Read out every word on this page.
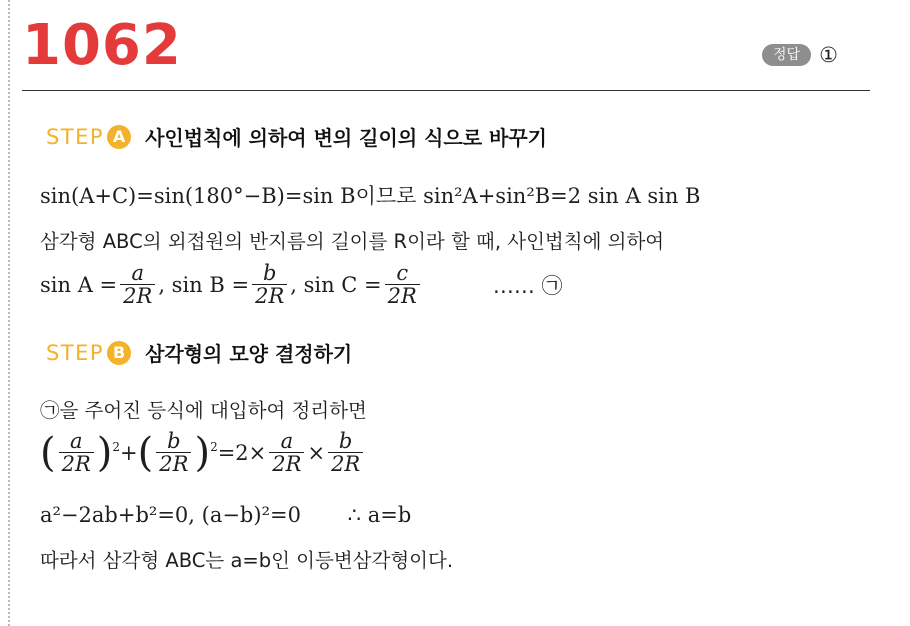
1062	정답 ①
STEP A 사인법칙에 의하여 변의 길이의 식으로 바꾸기
sin(A+C)=sin(180°−B)=sin B이므로 sin²A+sin²B=2 sin A sin B
삼각형 ABC의 외접원의 반지름의 길이를 R이라 할 때, 사인법칙에 의하여
$\sin A = \frac{a}{2R}$ , $\sin B = \frac{b}{2R}$ , $\sin C = \frac{c}{2R}$	…… ㉠
STEP B 삼각형의 모양 결정하기
㉠을 주어진 등식에 대입하여 정리하면
( $\frac{a}{2R}$ ) 2 + ( $\frac{b}{2R}$ ) $2 =2\times \frac{a}{2R} \times \frac{b}{2R}$
a²−2ab+b²=0, (a−b)²=0       ∴ a=b
따라서 삼각형 ABC는 a=b인 이등변삼각형이다.
